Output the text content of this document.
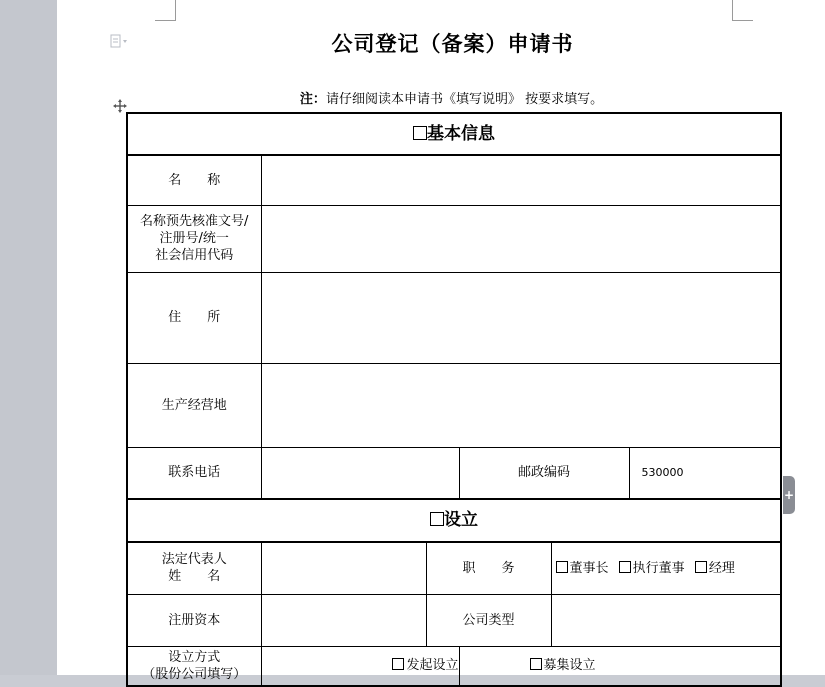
公司登记（备案）申请书
注：请仔细阅读本申请书《填写说明》 按要求填写。
基本信息					
名　　称					

名称预先核准文号/
注册号/统一
社会信用代码					

住　　所					
生产经营地					
联系电话			邮政编码		530000
设立					

法定代表人
姓　　名		职　　务		董事长 执行董事 经理	
注册资本		公司类型			

设立方式
（股份公司填写）	发起设立		募集设立		
+
